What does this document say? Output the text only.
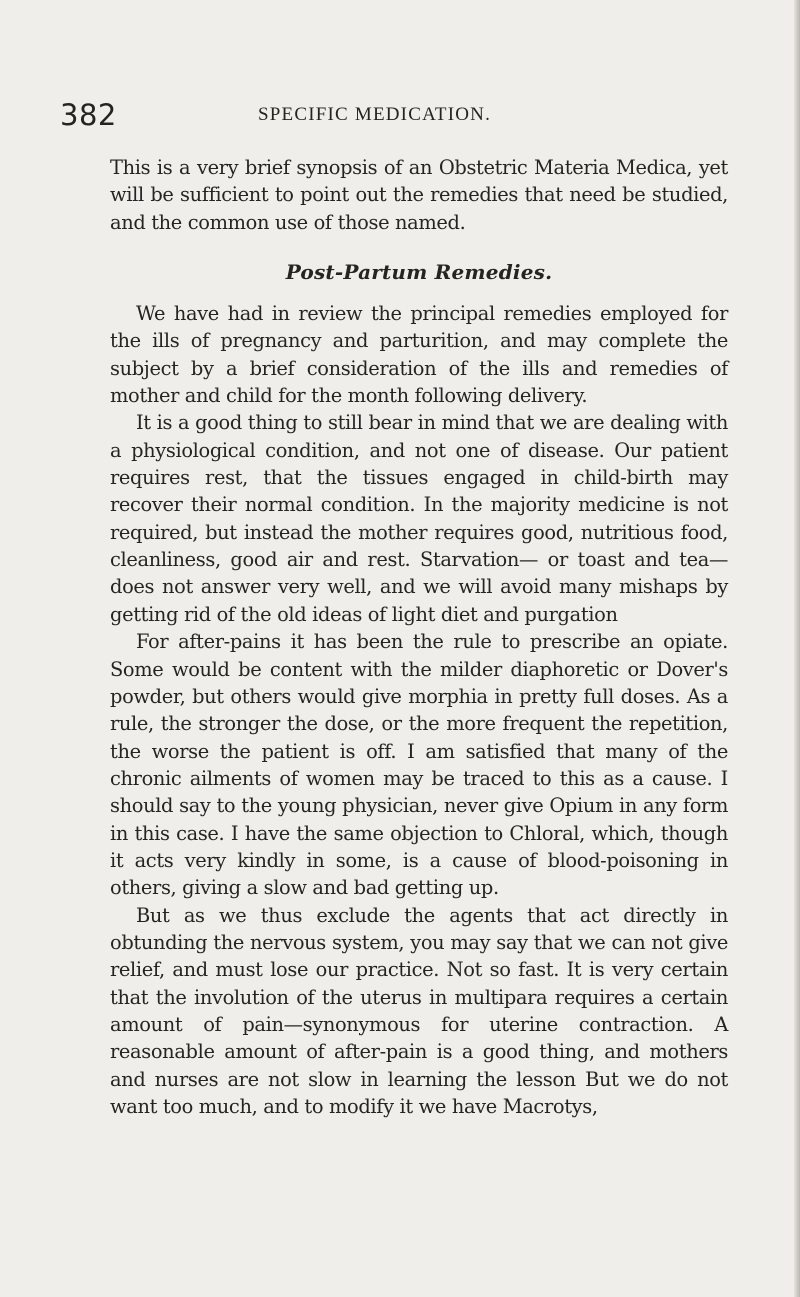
382	SPECIFIC MEDICATION.

This is a very brief synopsis of an Obstetric Materia Medica, yet will be sufficient to point out the remedies that need be studied, and the common use of those named.

Post-Partum Remedies.

We have had in review the principal remedies employed for the ills of pregnancy and parturition, and may complete the subject by a brief consideration of the ills and remedies of mother and child for the month following delivery.

It is a good thing to still bear in mind that we are dealing with a physiological condition, and not one of disease. Our patient requires rest, that the tissues engaged in child-birth may recover their normal condition. In the majority medicine is not required, but instead the mother requires good, nutritious food, cleanliness, good air and rest. Starvation— or toast and tea—does not answer very well, and we will avoid many mishaps by getting rid of the old ideas of light diet and purgation

For after-pains it has been the rule to prescribe an opiate. Some would be content with the milder diaphoretic or Dover's powder, but others would give morphia in pretty full doses. As a rule, the stronger the dose, or the more frequent the repetition, the worse the patient is off. I am satisfied that many of the chronic ailments of women may be traced to this as a cause. I should say to the young physician, never give Opium in any form in this case. I have the same objection to Chloral, which, though it acts very kindly in some, is a cause of blood-poisoning in others, giving a slow and bad getting up.

But as we thus exclude the agents that act directly in obtunding the nervous system, you may say that we can not give relief, and must lose our practice. Not so fast. It is very certain that the involution of the uterus in multipara requires a certain amount of pain—synonymous for uterine contraction. A reasonable amount of after-pain is a good thing, and mothers and nurses are not slow in learning the lesson But we do not want too much, and to modify it we have Macrotys,
